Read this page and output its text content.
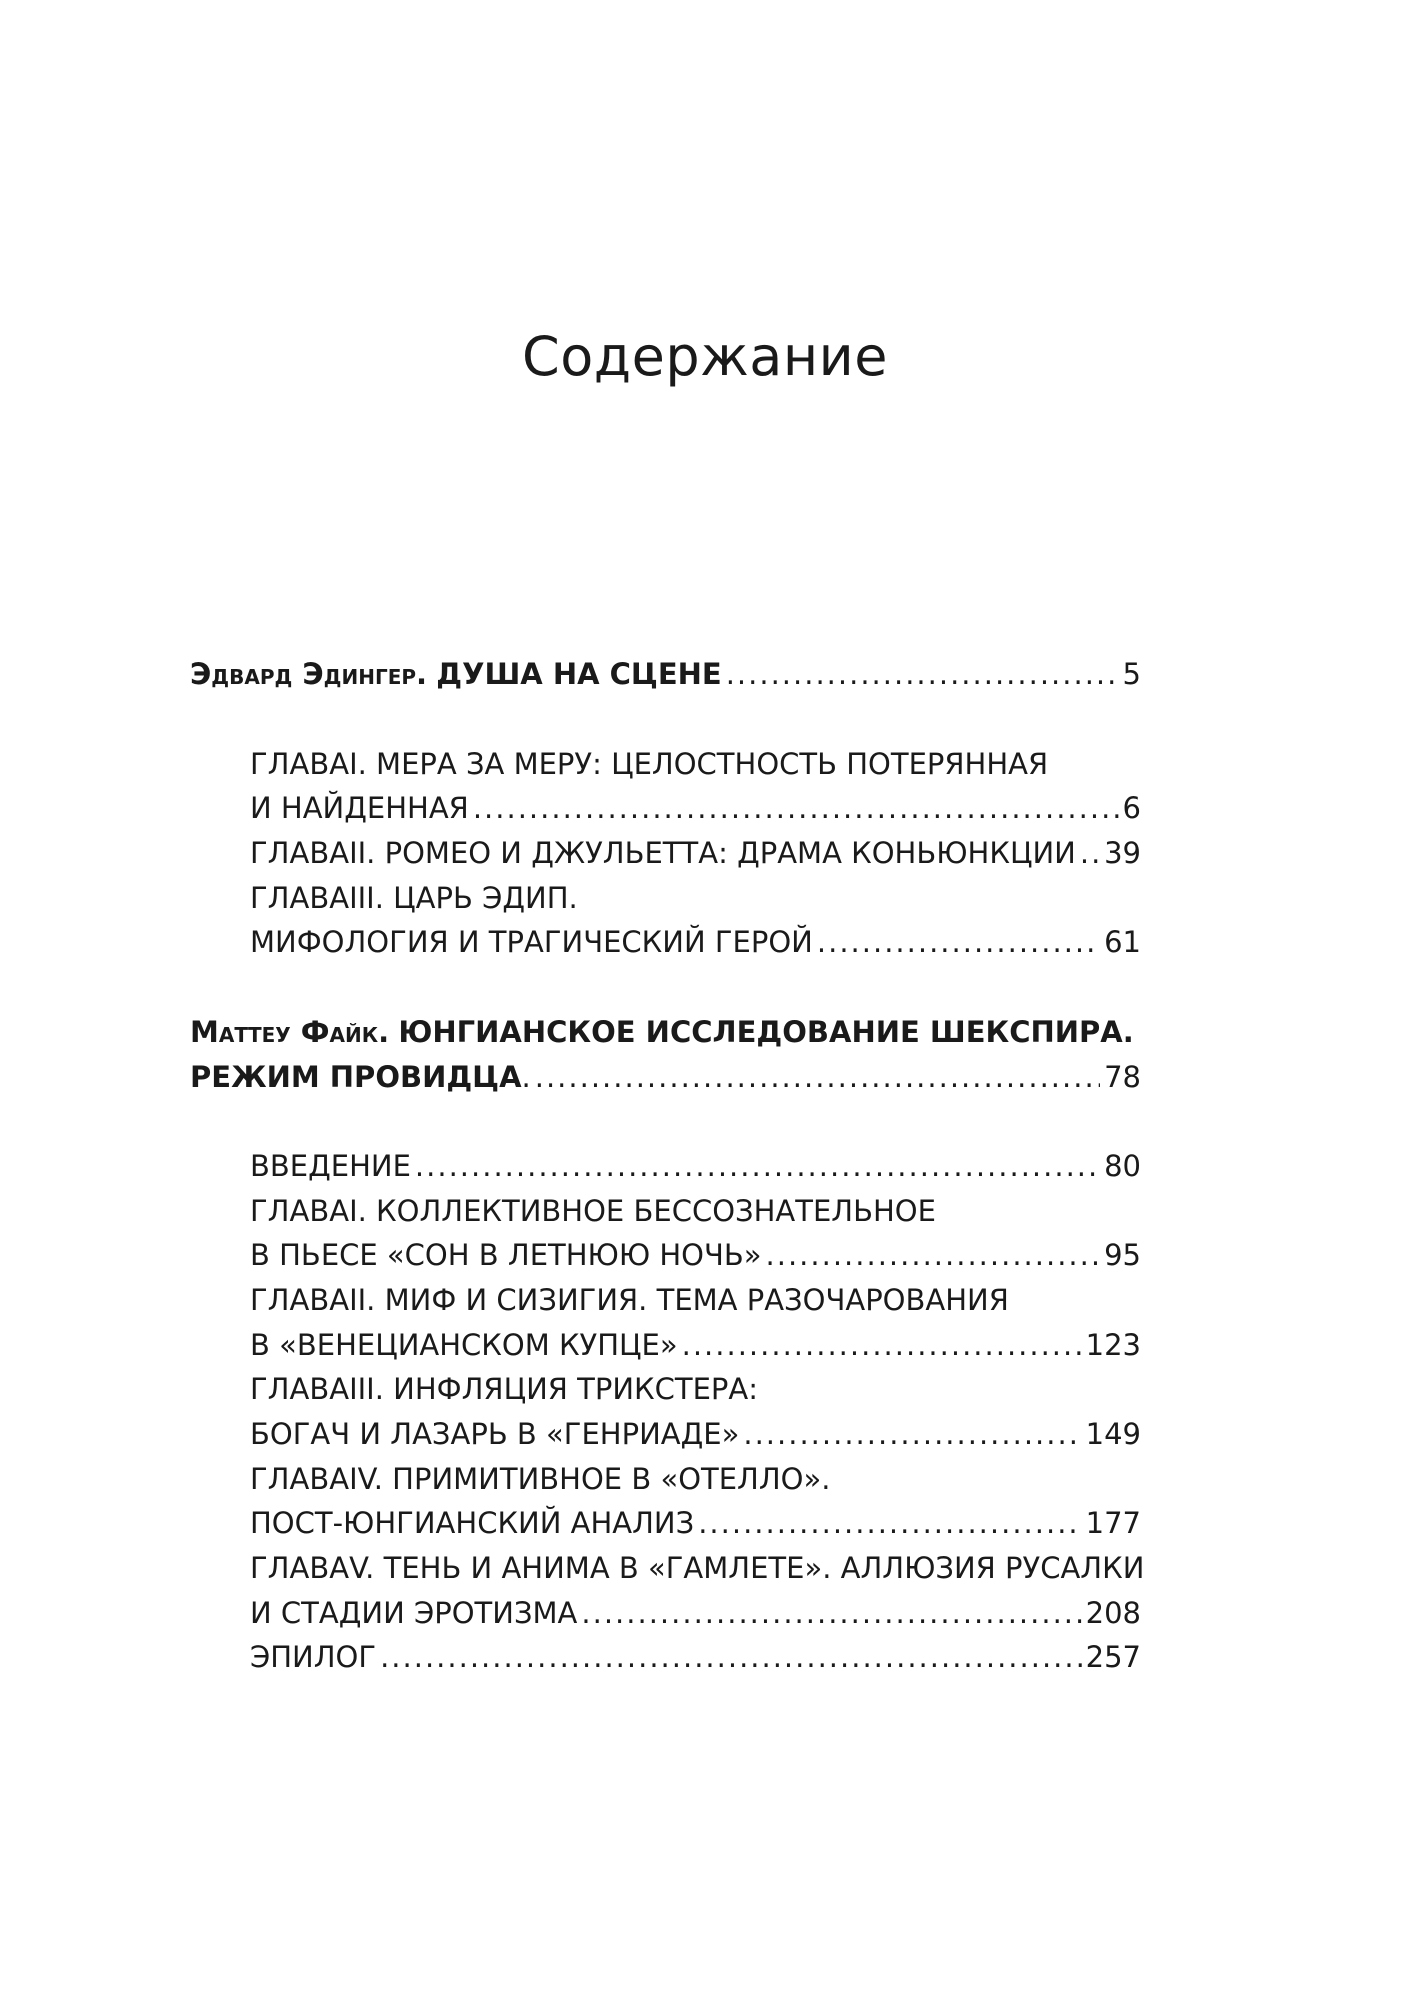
Содержание
Эдвард Эдингер. ДУША НА СЦЕНЕ .....	5
ГЛАВАI. МЕРА ЗА МЕРУ: ЦЕЛОСТНОСТЬ ПОТЕРЯННАЯ
И НАЙДЕННАЯ .....	6
ГЛАВАII. РОМЕО И ДЖУЛЬЕТТА: ДРАМА КОНЬЮНКЦИИ ..... 39
ГЛАВАIII. ЦАРЬ ЭДИП.
МИФОЛОГИЯ И ТРАГИЧЕСКИЙ ГЕРОЙ .....	61
Маттеу Файк. ЮНГИАНСКОЕ ИССЛЕДОВАНИЕ ШЕКСПИРА.
РЕЖИМ ПРОВИДЦА. .....	78
ВВЕДЕНИЕ .....	80
ГЛАВАI. КОЛЛЕКТИВНОЕ БЕССОЗНАТЕЛЬНОЕ
В ПЬЕСЕ «СОН В ЛЕТНЮЮ НОЧЬ» .....	95
ГЛАВАII. МИФ И СИЗИГИЯ. ТЕМА РАЗОЧАРОВАНИЯ
В «ВЕНЕЦИАНСКОМ КУПЦЕ» .....	123
ГЛАВАIII. ИНФЛЯЦИЯ ТРИКСТЕРА:
БОГАЧ И ЛАЗАРЬ В «ГЕНРИАДЕ» .....	149
ГЛАВАIV. ПРИМИТИВНОЕ В «ОТЕЛЛО».
ПОСТ-ЮНГИАНСКИЙ АНАЛИЗ .....	177
ГЛАВАV. ТЕНЬ И АНИМА В «ГАМЛЕТЕ». АЛЛЮЗИЯ РУСАЛКИ
И СТАДИИ ЭРОТИЗМА .....	208
ЭПИЛОГ .....	257
